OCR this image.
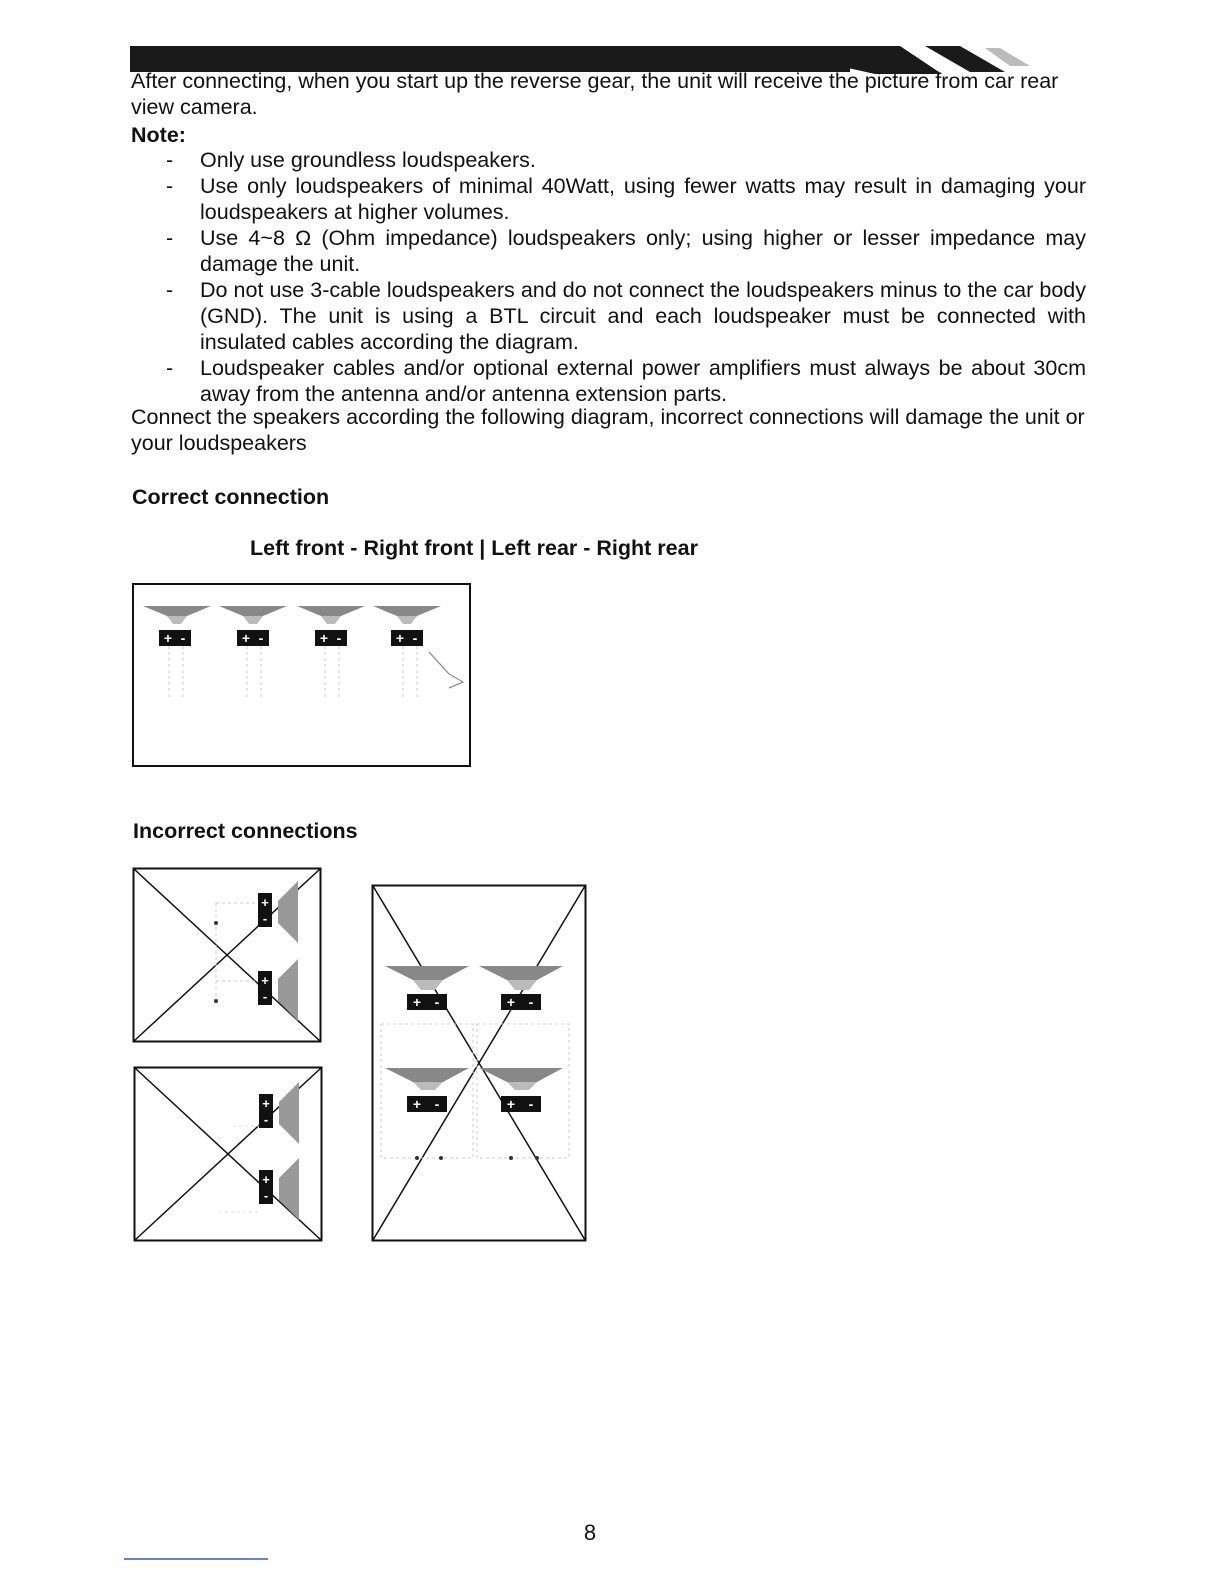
After connecting, when you start up the reverse gear, the unit will receive the picture from car rear view camera.

Note:
- Only use groundless loudspeakers.
- Use only loudspeakers of minimal 40Watt, using fewer watts may result in damaging your loudspeakers at higher volumes.
- Use 4~8 Ω (Ohm impedance) loudspeakers only; using higher or lesser impedance may damage the unit.
- Do not use 3-cable loudspeakers and do not connect the loudspeakers minus to the car body (GND). The unit is using a BTL circuit and each loudspeaker must be connected with insulated cables according the diagram.
- Loudspeaker cables and/or optional external power amplifiers must always be about 30cm away from the antenna and/or antenna extension parts.

Connect the speakers according the following diagram, incorrect connections will damage the unit or your loudspeakers

Correct connection
Left front - Right front | Left rear - Right rear
+ -	+ -	+ -	+ -
Incorrect connections
+
-
+
-
+
-
+
-
+ -	+ -
+ -	+ -
8
